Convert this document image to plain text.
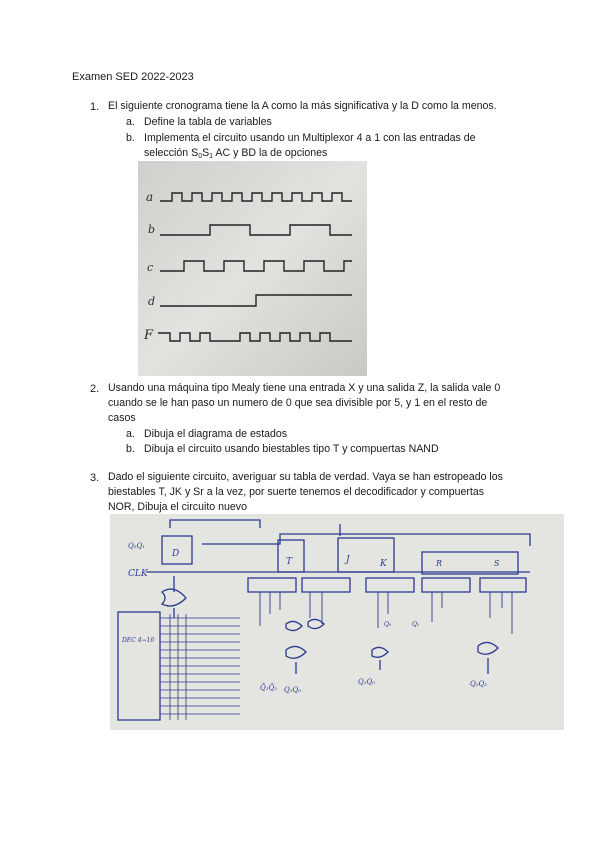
Examen SED 2022-2023
1. El siguiente cronograma tiene la A como la más significativa y la D como la menos.
a. Define la tabla de variables
b. Implementa el circuito usando un Multiplexor 4 a 1 con las entradas de
selección $S_0S_1$ AC y BD la de opciones
a
b
c
d
F
2. Usando una máquina tipo Mealy tiene una entrada X y una salida Z, la salida vale 0
cuando se le han paso un numero de 0 que sea divisible por 5, y 1 en el resto de
casos
a. Dibuja el diagrama de estados
b. Dibuja el circuito usando biestables tipo T y compuertas NAND
3. Dado el siguiente circuito, averiguar su tabla de verdad. Vaya se han estropeado los
biestables T, JK y Sr a la vez, por suerte tenemos el decodificador y compuertas
NOR, Dibuja el circuito nuevo
Q₂Q₁
CLK
DEC 4→16
D
T	J	K	R	S
Q̄₁Q̄₂ Q₁Q₀
Q₁Q₀	Q₀Q₂
Q₀	Q₂
